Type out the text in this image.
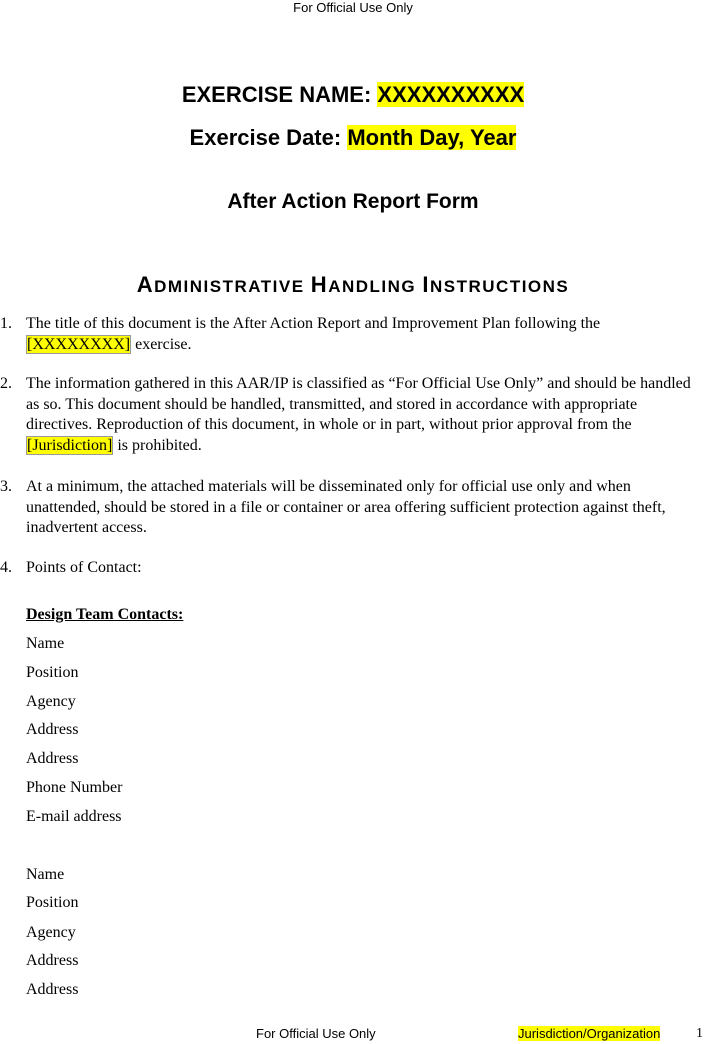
For Official Use Only
EXERCISE NAME: XXXXXXXXXX
Exercise Date: Month Day, Year
After Action Report Form
ADMINISTRATIVE HANDLING INSTRUCTIONS
1. The title of this document is the After Action Report and Improvement Plan following the [XXXXXXXX] exercise.
2. The information gathered in this AAR/IP is classified as “For Official Use Only” and should be handled as so. This document should be handled, transmitted, and stored in accordance with appropriate directives. Reproduction of this document, in whole or in part, without prior approval from the [Jurisdiction] is prohibited.
3. At a minimum, the attached materials will be disseminated only for official use only and when unattended, should be stored in a file or container or area offering sufficient protection against theft, inadvertent access.
4. Points of Contact:
Design Team Contacts:
Name
Position
Agency
Address
Address
Phone Number
E-mail address
Name
Position
Agency
Address
Address
For Official Use Only	Jurisdiction/Organization	1
